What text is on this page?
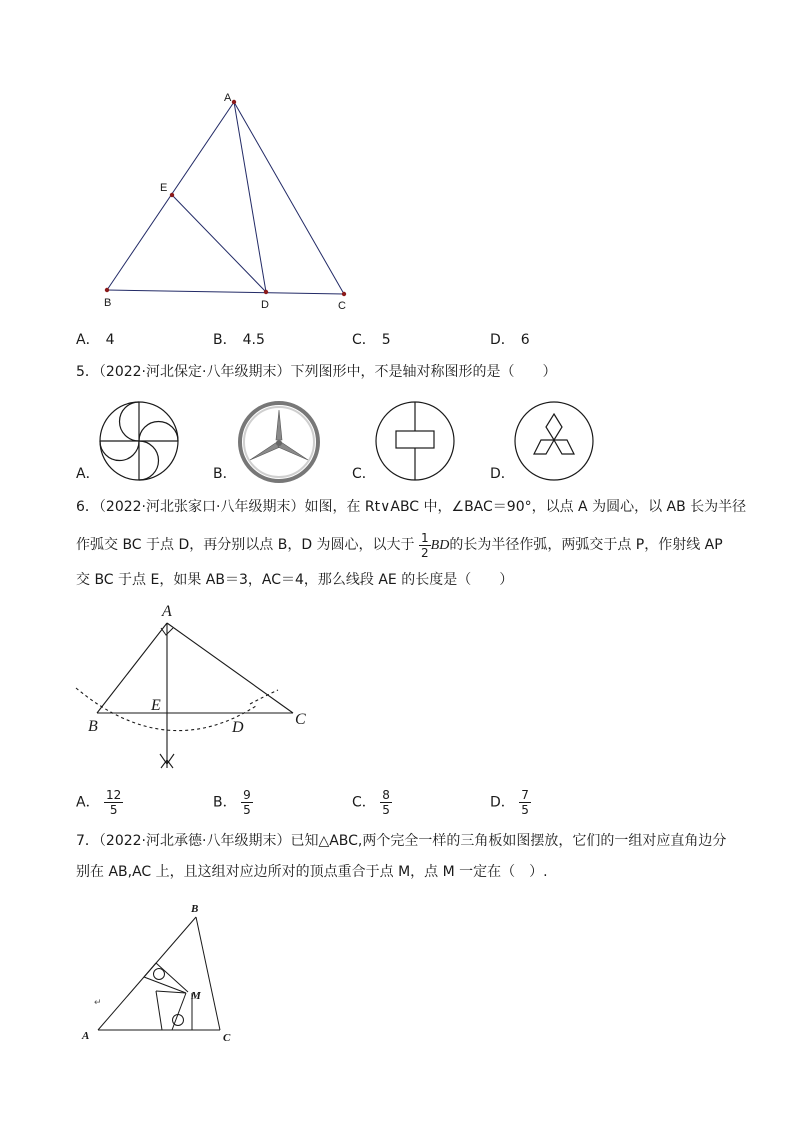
A
E
B	D	C
A． 4	B． 4.5	C． 5	D． 6
5．（2022·河北保定·八年级期末）下列图形中，不是轴对称图形的是（　　）
A．	B．	C．	D．
6．（2022·河北张家口·八年级期末）如图，在 Rt∨ABC 中，∠BAC＝90°，以点 A 为圆心，以 AB 长为半径
作弧交 BC 于点 D，再分别以点 B，D 为圆心，以大于 $\frac{1}{2}$ BD的长为半径作弧，两弧交于点 P，作射线 AP
交 BC 于点 E，如果 AB＝3，AC＝4，那么线段 AE 的长度是（　　）
A
E
B	D	C
A． $\frac{12}{5}$	B． $\frac{9}{5}$	C． $\frac{8}{5}$	D． $\frac{7}{5}$
7．（2022·河北承德·八年级期末）已知△ABC,两个完全一样的三角板如图摆放，它们的一组对应直角边分
别在 AB,AC 上，且这组对应边所对的顶点重合于点 M，点 M 一定在（　）.
B
A	C
M
↵
